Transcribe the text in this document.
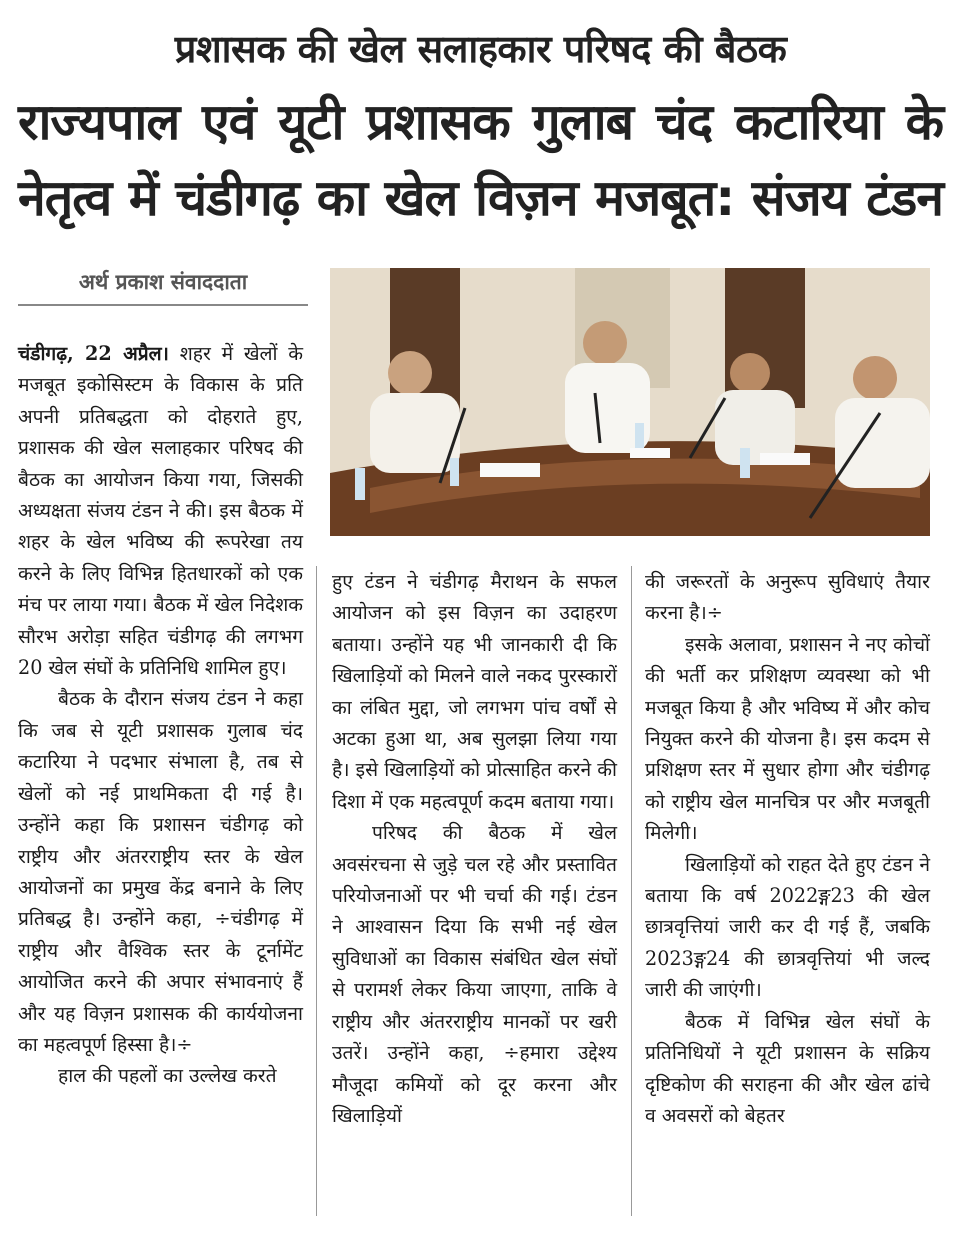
प्रशासक की खेल सलाहकार परिषद की बैठक
राज्यपाल एवं यूटी प्रशासक गुलाब चंद कटारिया के
नेतृत्व में चंडीगढ़ का खेल विज़न मजबूत: संजय टंडन
अर्थ प्रकाश संवाददाता

चंडीगढ़, 22 अप्रैल। शहर में खेलों के मजबूत इकोसिस्टम के विकास के प्रति अपनी प्रतिबद्धता को दोहराते हुए, प्रशासक की खेल सलाहकार परिषद की बैठक का आयोजन किया गया, जिसकी अध्यक्षता संजय टंडन ने की। इस बैठक में शहर के खेल भविष्य की रूपरेखा तय करने के लिए विभिन्न हितधारकों को एक मंच पर लाया गया। बैठक में खेल निदेशक सौरभ अरोड़ा सहित चंडीगढ़ की लगभग 20 खेल संघों के प्रतिनिधि शामिल हुए।

बैठक के दौरान संजय टंडन ने कहा कि जब से यूटी प्रशासक गुलाब चंद कटारिया ने पदभार संभाला है, तब से खेलों को नई प्राथमिकता दी गई है। उन्होंने कहा कि प्रशासन चंडीगढ़ को राष्ट्रीय और अंतरराष्ट्रीय स्तर के खेल आयोजनों का प्रमुख केंद्र बनाने के लिए प्रतिबद्ध है। उन्होंने कहा, ÷चंडीगढ़ में राष्ट्रीय और वैश्विक स्तर के टूर्नामेंट आयोजित करने की अपार संभावनाएं हैं और यह विज़न प्रशासक की कार्ययोजना का महत्वपूर्ण हिस्सा है।÷

हाल की पहलों का उल्लेख करते

हुए टंडन ने चंडीगढ़ मैराथन के सफल आयोजन को इस विज़न का उदाहरण बताया। उन्होंने यह भी जानकारी दी कि खिलाड़ियों को मिलने वाले नकद पुरस्कारों का लंबित मुद्दा, जो लगभग पांच वर्षों से अटका हुआ था, अब सुलझा लिया गया है। इसे खिलाड़ियों को प्रोत्साहित करने की दिशा में एक महत्वपूर्ण कदम बताया गया।

परिषद की बैठक में खेल अवसंरचना से जुड़े चल रहे और प्रस्तावित परियोजनाओं पर भी चर्चा की गई। टंडन ने आश्वासन दिया कि सभी नई खेल सुविधाओं का विकास संबंधित खेल संघों से परामर्श लेकर किया जाएगा, ताकि वे राष्ट्रीय और अंतरराष्ट्रीय मानकों पर खरी उतरें। उन्होंने कहा, ÷हमारा उद्देश्य मौजूदा कमियों को दूर करना और खिलाड़ियों

की जरूरतों के अनुरूप सुविधाएं तैयार करना है।÷

इसके अलावा, प्रशासन ने नए कोचों की भर्ती कर प्रशिक्षण व्यवस्था को भी मजबूत किया है और भविष्य में और कोच नियुक्त करने की योजना है। इस कदम से प्रशिक्षण स्तर में सुधार होगा और चंडीगढ़ को राष्ट्रीय खेल मानचित्र पर और मजबूती मिलेगी।

खिलाड़ियों को राहत देते हुए टंडन ने बताया कि वर्ष 2022ङ्ग23 की खेल छात्रवृत्तियां जारी कर दी गई हैं, जबकि 2023ङ्ग24 की छात्रवृत्तियां भी जल्द जारी की जाएंगी।

बैठक में विभिन्न खेल संघों के प्रतिनिधियों ने यूटी प्रशासन के सक्रिय दृष्टिकोण की सराहना की और खेल ढांचे व अवसरों को बेहतर
